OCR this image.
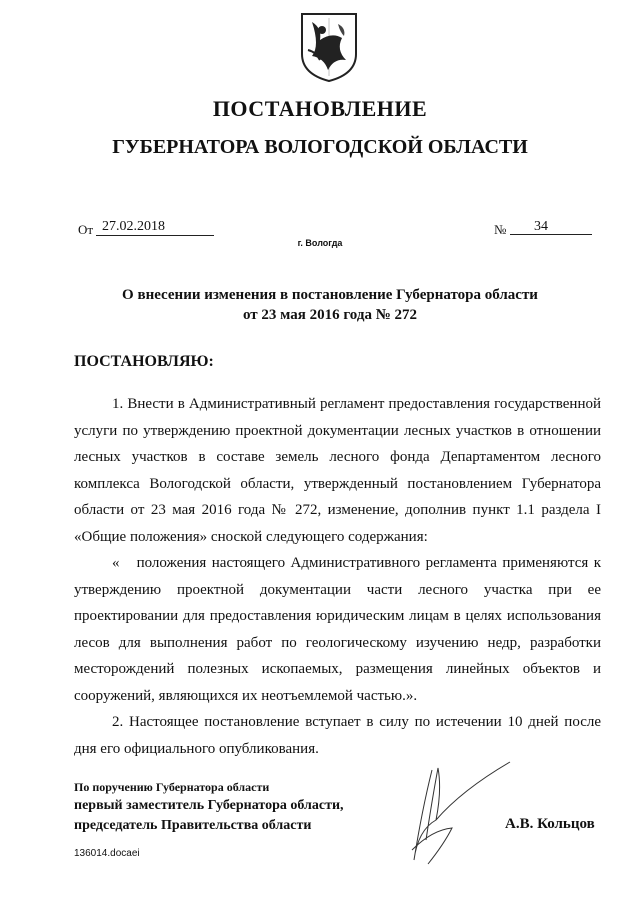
ПОСТАНОВЛЕНИЕ
ГУБЕРНАТОРА ВОЛОГОДСКОЙ ОБЛАСТИ
От 27.02.2018	№	34
г. Вологда
О внесении изменения в постановление Губернатора области
от 23 мая 2016 года № 272
ПОСТАНОВЛЯЮ:

1. Внести в Административный регламент предоставления государственной услуги по утверждению проектной документации лесных участков в отношении лесных участков в составе земель лесного фонда Департаментом лесного комплекса Вологодской области, утвержденный постановлением Губернатора области от 23 мая 2016 года № 272, изменение, дополнив пункт 1.1 раздела I «Общие положения» сноской следующего содержания:

« положения настоящего Административного регламента применяются к утверждению проектной документации части лесного участка при ее проектировании для предоставления юридическим лицам в целях использования лесов для выполнения работ по геологическому изучению недр, разработки месторождений полезных ископаемых, размещения линейных объектов и сооружений, являющихся их неотъемлемой частью.».

2. Настоящее постановление вступает в силу по истечении 10 дней после дня его официального опубликования.

По поручению Губернатора области
первый заместитель Губернатора области,
председатель Правительства области	А.В. Кольцов
136014.docaei
